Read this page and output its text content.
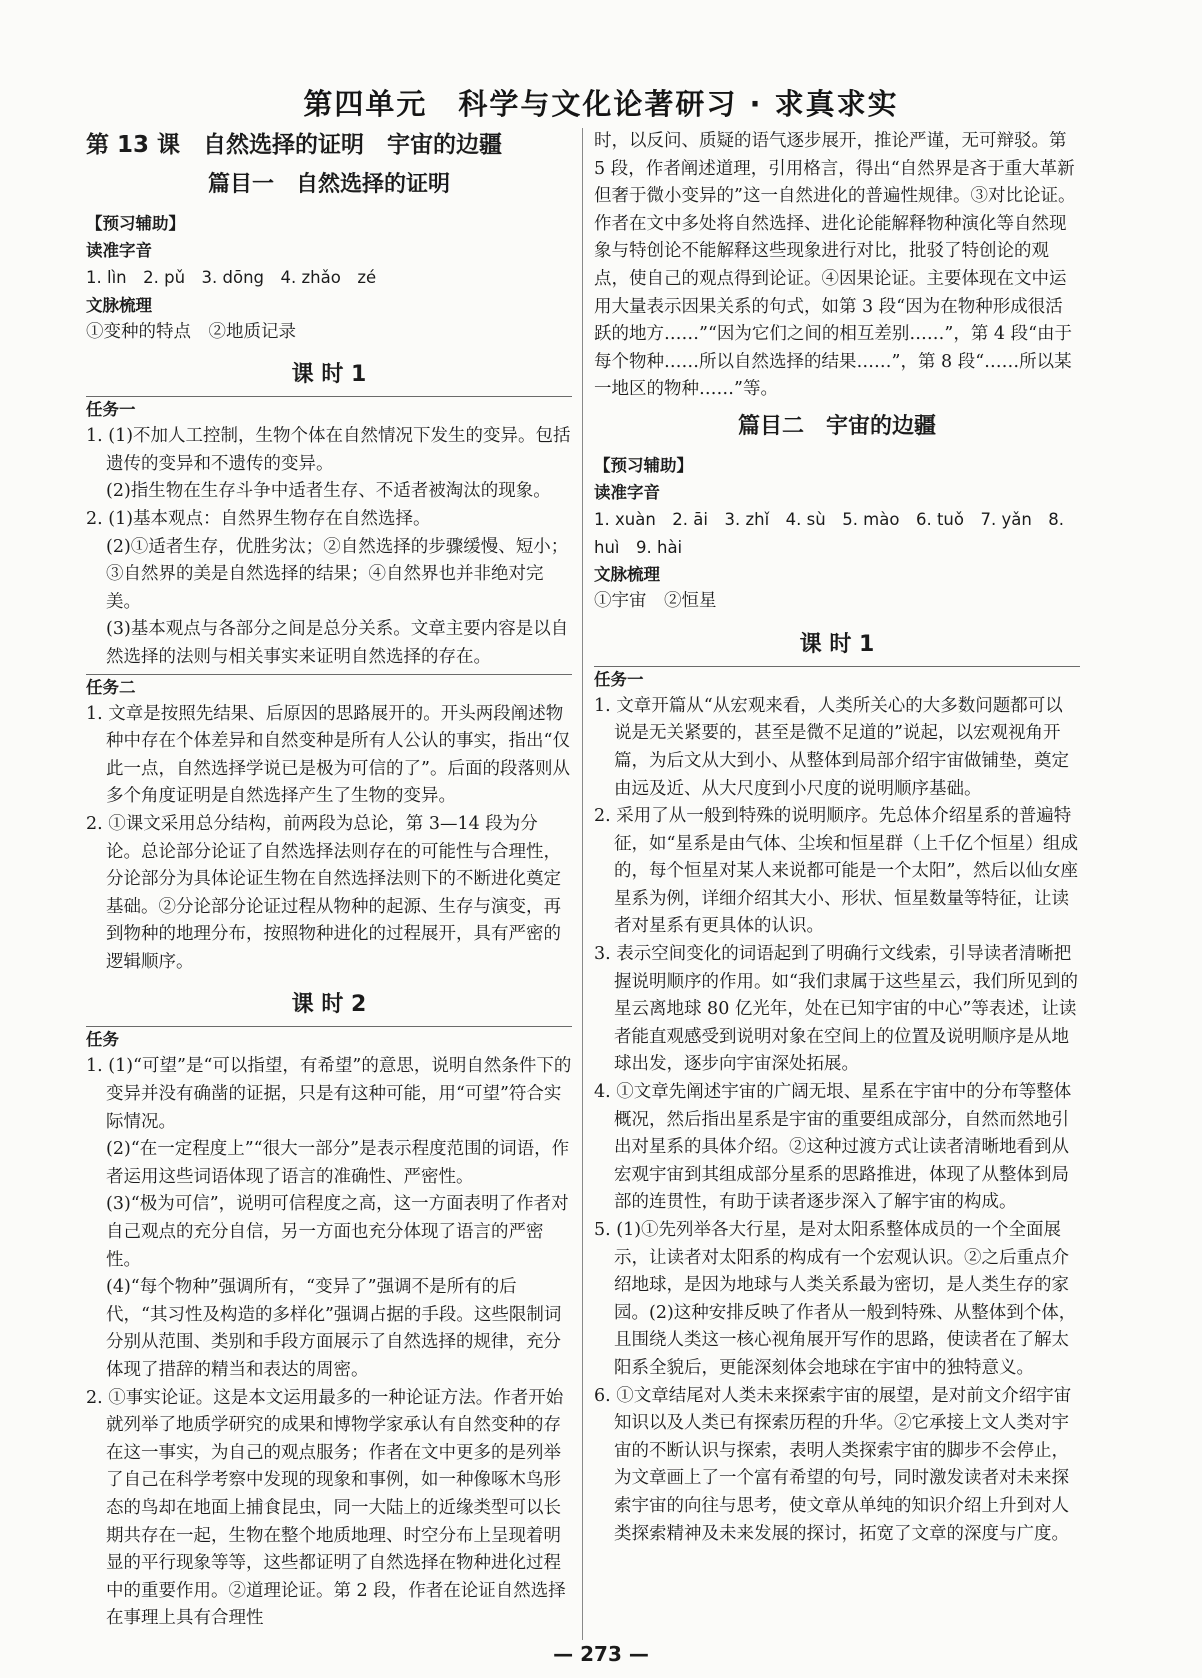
第四单元　科学与文化论著研习 · 求真求实
第 13 课　自然选择的证明　宇宙的边疆
篇目一　自然选择的证明
【预习辅助】
读准字音
1. lìn　2. pǔ　3. dōng　4. zhǎo　zé
文脉梳理
①变种的特点　②地质记录
课 时 1
任务一

1. (1)不加人工控制，生物个体在自然情况下发生的变异。包括遗传的变异和不遗传的变异。

(2)指生物在生存斗争中适者生存、不适者被淘汰的现象。

2. (1)基本观点：自然界生物存在自然选择。

(2)①适者生存，优胜劣汰；②自然选择的步骤缓慢、短小；③自然界的美是自然选择的结果；④自然界也并非绝对完美。

(3)基本观点与各部分之间是总分关系。文章主要内容是以自然选择的法则与相关事实来证明自然选择的存在。

任务二

1. 文章是按照先结果、后原因的思路展开的。开头两段阐述物种中存在个体差异和自然变种是所有人公认的事实，指出“仅此一点，自然选择学说已是极为可信的了”。后面的段落则从多个角度证明是自然选择产生了生物的变异。

2. ①课文采用总分结构，前两段为总论，第 3—14 段为分论。总论部分论证了自然选择法则存在的可能性与合理性，分论部分为具体论证生物在自然选择法则下的不断进化奠定基础。②分论部分论证过程从物种的起源、生存与演变，再到物种的地理分布，按照物种进化的过程展开，具有严密的逻辑顺序。

课 时 2
任务

1. (1)“可望”是“可以指望，有希望”的意思，说明自然条件下的变异并没有确凿的证据，只是有这种可能，用“可望”符合实际情况。

(2)“在一定程度上”“很大一部分”是表示程度范围的词语，作者运用这些词语体现了语言的准确性、严密性。

(3)“极为可信”，说明可信程度之高，这一方面表明了作者对自己观点的充分自信，另一方面也充分体现了语言的严密性。

(4)“每个物种”强调所有，“变异了”强调不是所有的后代，“其习性及构造的多样化”强调占据的手段。这些限制词分别从范围、类别和手段方面展示了自然选择的规律，充分体现了措辞的精当和表达的周密。

2. ①事实论证。这是本文运用最多的一种论证方法。作者开始就列举了地质学研究的成果和博物学家承认有自然变种的存在这一事实，为自己的观点服务；作者在文中更多的是列举了自己在科学考察中发现的现象和事例，如一种像啄木鸟形态的鸟却在地面上捕食昆虫，同一大陆上的近缘类型可以长期共存在一起，生物在整个地质地理、时空分布上呈现着明显的平行现象等等，这些都证明了自然选择在物种进化过程中的重要作用。②道理论证。第 2 段，作者在论证自然选择在事理上具有合理性

时，以反问、质疑的语气逐步展开，推论严谨，无可辩驳。第 5 段，作者阐述道理，引用格言，得出“自然界是吝于重大革新但奢于微小变异的”这一自然进化的普遍性规律。③对比论证。作者在文中多处将自然选择、进化论能解释物种演化等自然现象与特创论不能解释这些现象进行对比，批驳了特创论的观点，使自己的观点得到论证。④因果论证。主要体现在文中运用大量表示因果关系的句式，如第 3 段“因为在物种形成很活跃的地方……”“因为它们之间的相互差别……”，第 4 段“由于每个物种……所以自然选择的结果……”，第 8 段“……所以某一地区的物种……”等。

篇目二　宇宙的边疆
【预习辅助】
读准字音
1. xuàn　2. āi　3. zhǐ　4. sù　5. mào　6. tuǒ　7. yǎn　8. huì　9. hài
文脉梳理
①宇宙　②恒星
课 时 1
任务一

1. 文章开篇从“从宏观来看，人类所关心的大多数问题都可以说是无关紧要的，甚至是微不足道的”说起，以宏观视角开篇，为后文从大到小、从整体到局部介绍宇宙做铺垫，奠定由远及近、从大尺度到小尺度的说明顺序基础。

2. 采用了从一般到特殊的说明顺序。先总体介绍星系的普遍特征，如“星系是由气体、尘埃和恒星群（上千亿个恒星）组成的，每个恒星对某人来说都可能是一个太阳”，然后以仙女座星系为例，详细介绍其大小、形状、恒星数量等特征，让读者对星系有更具体的认识。

3. 表示空间变化的词语起到了明确行文线索，引导读者清晰把握说明顺序的作用。如“我们隶属于这些星云，我们所见到的星云离地球 80 亿光年，处在已知宇宙的中心”等表述，让读者能直观感受到说明对象在空间上的位置及说明顺序是从地球出发，逐步向宇宙深处拓展。

4. ①文章先阐述宇宙的广阔无垠、星系在宇宙中的分布等整体概况，然后指出星系是宇宙的重要组成部分，自然而然地引出对星系的具体介绍。②这种过渡方式让读者清晰地看到从宏观宇宙到其组成部分星系的思路推进，体现了从整体到局部的连贯性，有助于读者逐步深入了解宇宙的构成。

5. (1)①先列举各大行星，是对太阳系整体成员的一个全面展示，让读者对太阳系的构成有一个宏观认识。②之后重点介绍地球，是因为地球与人类关系最为密切，是人类生存的家园。(2)这种安排反映了作者从一般到特殊、从整体到个体，且围绕人类这一核心视角展开写作的思路，使读者在了解太阳系全貌后，更能深刻体会地球在宇宙中的独特意义。

6. ①文章结尾对人类未来探索宇宙的展望，是对前文介绍宇宙知识以及人类已有探索历程的升华。②它承接上文人类对宇宙的不断认识与探索，表明人类探索宇宙的脚步不会停止，为文章画上了一个富有希望的句号，同时激发读者对未来探索宇宙的向往与思考，使文章从单纯的知识介绍上升到对人类探索精神及未来发展的探讨，拓宽了文章的深度与广度。

— 273 —
